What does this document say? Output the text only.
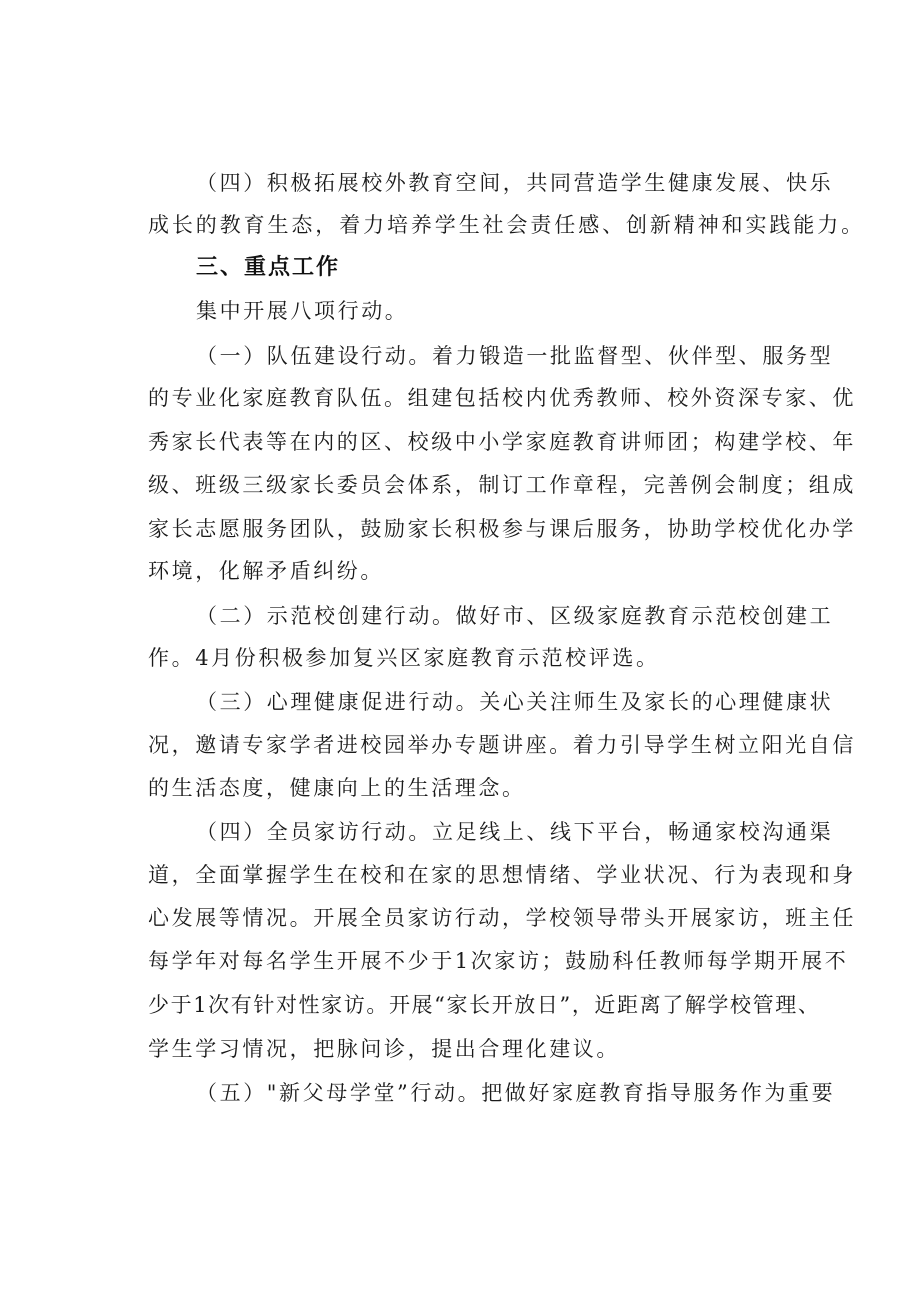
（四）积极拓展校外教育空间，共同营造学生健康发展、快乐

成长的教育生态，着力培养学生社会责任感、创新精神和实践能力。

三、重点工作

集中开展八项行动。

（一）队伍建设行动。着力锻造一批监督型、伙伴型、服务型

的专业化家庭教育队伍。组建包括校内优秀教师、校外资深专家、优

秀家长代表等在内的区、校级中小学家庭教育讲师团；构建学校、年

级、班级三级家长委员会体系，制订工作章程，完善例会制度；组成

家长志愿服务团队，鼓励家长积极参与课后服务，协助学校优化办学

环境，化解矛盾纠纷。

（二）示范校创建行动。做好市、区级家庭教育示范校创建工

作。4月份积极参加复兴区家庭教育示范校评选。

（三）心理健康促进行动。关心关注师生及家长的心理健康状

况，邀请专家学者进校园举办专题讲座。着力引导学生树立阳光自信

的生活态度，健康向上的生活理念。

（四）全员家访行动。立足线上、线下平台，畅通家校沟通渠

道，全面掌握学生在校和在家的思想情绪、学业状况、行为表现和身

心发展等情况。开展全员家访行动，学校领导带头开展家访，班主任

每学年对每名学生开展不少于1次家访；鼓励科任教师每学期开展不

少于1次有针对性家访。开展“家长开放日”，近距离了解学校管理、

学生学习情况，把脉问诊，提出合理化建议。

（五）"新父母学堂”行动。把做好家庭教育指导服务作为重要
